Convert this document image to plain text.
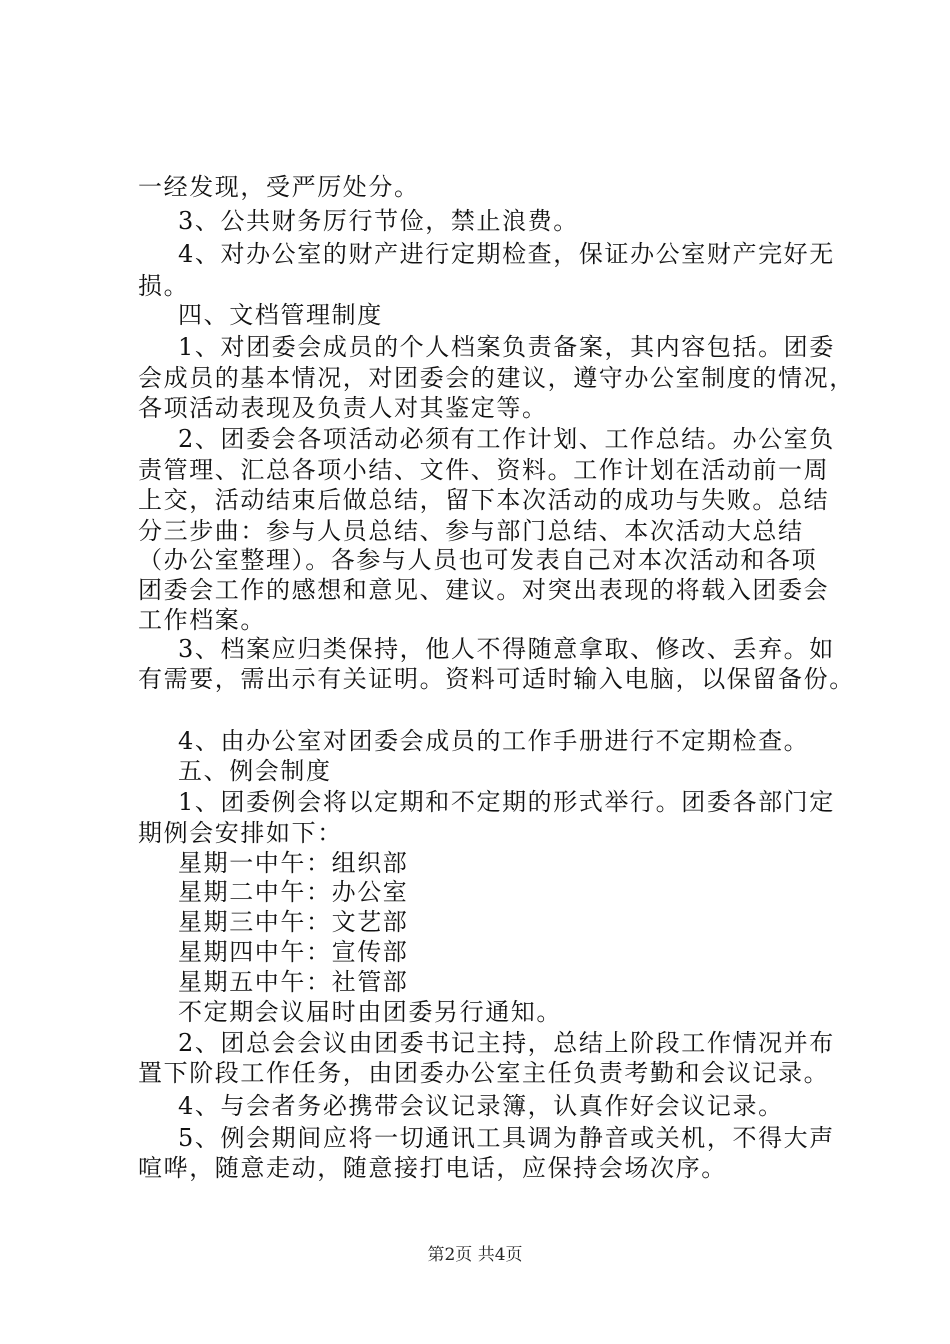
一经发现，受严厉处分。
3、公共财务厉行节俭，禁止浪费。
4、对办公室的财产进行定期检查，保证办公室财产完好无
损。
四、文档管理制度
1、对团委会成员的个人档案负责备案，其内容包括。团委
会成员的基本情况，对团委会的建议，遵守办公室制度的情况，
各项活动表现及负责人对其鉴定等。
2、团委会各项活动必须有工作计划、工作总结。办公室负
责管理、汇总各项小结、文件、资料。工作计划在活动前一周
上交，活动结束后做总结，留下本次活动的成功与失败。总结
分三步曲：参与人员总结、参与部门总结、本次活动大总结
（办公室整理）。各参与人员也可发表自己对本次活动和各项
团委会工作的感想和意见、建议。对突出表现的将载入团委会
工作档案。
3、档案应归类保持，他人不得随意拿取、修改、丢弃。如
有需要，需出示有关证明。资料可适时输入电脑，以保留备份。
4、由办公室对团委会成员的工作手册进行不定期检查。
五、例会制度
1、团委例会将以定期和不定期的形式举行。团委各部门定
期例会安排如下：
星期一中午：组织部
星期二中午：办公室
星期三中午：文艺部
星期四中午：宣传部
星期五中午：社管部
不定期会议届时由团委另行通知。
2、团总会会议由团委书记主持，总结上阶段工作情况并布
置下阶段工作任务，由团委办公室主任负责考勤和会议记录。
4、与会者务必携带会议记录簿，认真作好会议记录。
5、例会期间应将一切通讯工具调为静音或关机，不得大声
喧哗，随意走动，随意接打电话，应保持会场次序。
第2页 共4页
